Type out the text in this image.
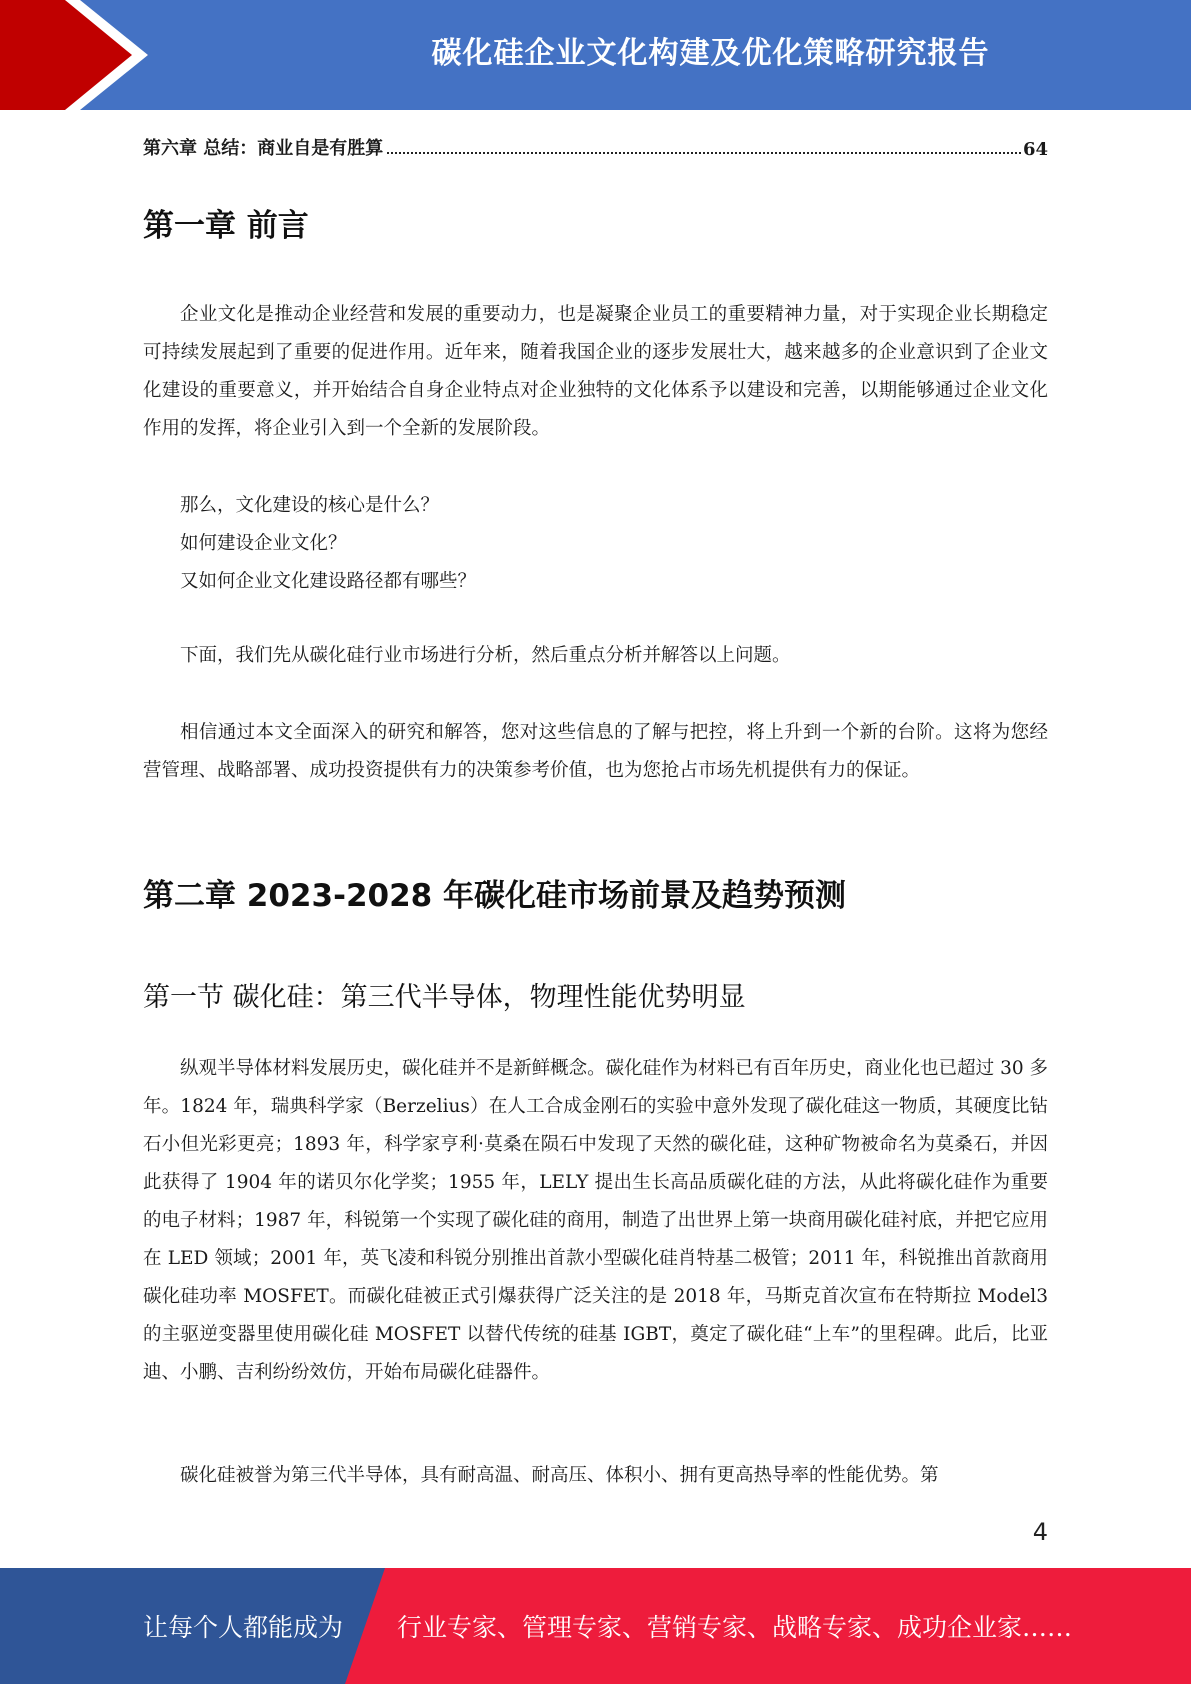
碳化硅企业文化构建及优化策略研究报告
第六章 总结：商业自是有胜算	64
第一章 前言

企业文化是推动企业经营和发展的重要动力，也是凝聚企业员工的重要精神力量，对于实现企业长期稳定可持续发展起到了重要的促进作用。近年来，随着我国企业的逐步发展壮大，越来越多的企业意识到了企业文化建设的重要意义，并开始结合自身企业特点对企业独特的文化体系予以建设和完善，以期能够通过企业文化作用的发挥，将企业引入到一个全新的发展阶段。

那么，文化建设的核心是什么？

如何建设企业文化？

又如何企业文化建设路径都有哪些？

下面，我们先从碳化硅行业市场进行分析，然后重点分析并解答以上问题。

相信通过本文全面深入的研究和解答，您对这些信息的了解与把控，将上升到一个新的台阶。这将为您经营管理、战略部署、成功投资提供有力的决策参考价值，也为您抢占市场先机提供有力的保证。

第二章 2023-2028 年碳化硅市场前景及趋势预测
第一节 碳化硅：第三代半导体，物理性能优势明显

纵观半导体材料发展历史，碳化硅并不是新鲜概念。碳化硅作为材料已有百年历史，商业化也已超过 30 多年。1824 年，瑞典科学家（Berzelius）在人工合成金刚石的实验中意外发现了碳化硅这一物质，其硬度比钻石小但光彩更亮；1893 年，科学家亨利·莫桑在陨石中发现了天然的碳化硅，这种矿物被命名为莫桑石，并因此获得了 1904 年的诺贝尔化学奖；1955 年，LELY 提出生长高品质碳化硅的方法，从此将碳化硅作为重要的电子材料；1987 年，科锐第一个实现了碳化硅的商用，制造了出世界上第一块商用碳化硅衬底，并把它应用在 LED 领域；2001 年，英飞凌和科锐分别推出首款小型碳化硅肖特基二极管；2011 年，科锐推出首款商用碳化硅功率 MOSFET。而碳化硅被正式引爆获得广泛关注的是 2018 年，马斯克首次宣布在特斯拉 Model3 的主驱逆变器里使用碳化硅 MOSFET 以替代传统的硅基 IGBT，奠定了碳化硅“上车”的里程碑。此后，比亚迪、小鹏、吉利纷纷效仿，开始布局碳化硅器件。

碳化硅被誉为第三代半导体，具有耐高温、耐高压、体积小、拥有更高热导率的性能优势。第

4
让每个人都能成为 行业专家、管理专家、营销专家、战略专家、成功企业家……
